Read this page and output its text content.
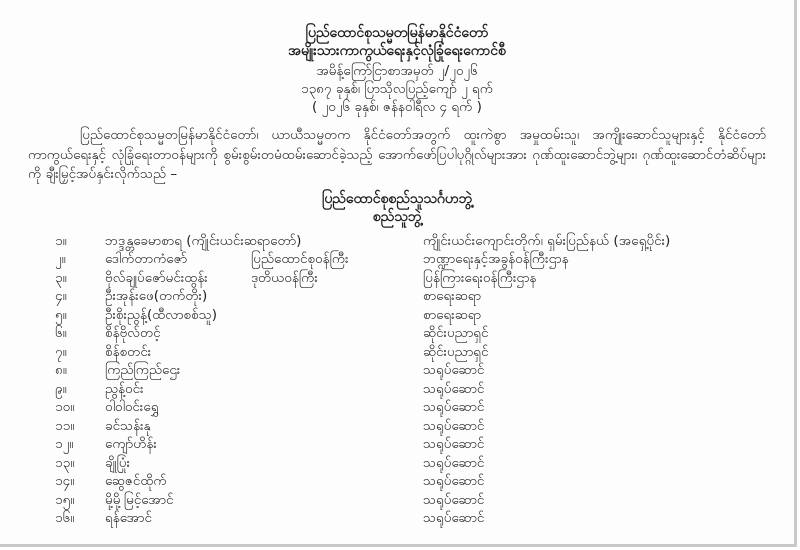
ပြည်ထောင်စုသမ္မတမြန်မာနိုင်ငံတော်
အမျိုးသားကာကွယ်ရေးနှင့်လုံခြုံရေးကောင်စီ
အမိန့်ကြော်ငြာစာအမှတ် ၂/၂၀၂၆
၁၃၈၇ ခုနှစ်၊ ပြာသိုလပြည့်ကျော် ၂ ရက်
( ၂၀၂၆ ခုနှစ်၊ ဇန်နဝါရီလ ၄ ရက် )
ပြည်ထောင်စုသမ္မတမြန်မာနိုင်ငံတော်၊ ယာယီသမ္မတက နိုင်ငံတော်အတွက် ထူးကဲစွာ အမှုထမ်းသူ၊ အကျိုးဆောင်သူများနှင့် နိုင်ငံတော်ကာကွယ်ရေးနှင့် လုံခြုံရေးတာဝန်များကို စွမ်းစွမ်းတမံထမ်းဆောင်ခဲ့သည့် အောက်ဖော်ပြပါပုဂ္ဂိုလ်များအား ဂုဏ်ထူးဆောင်ဘွဲ့များ၊ ဂုဏ်ထူးဆောင်တံဆိပ်များကို ချီးမြှင့်အပ်နှင်းလိုက်သည် –
ပြည်ထောင်စုစည်သူသင်္ဂဟဘွဲ့
စည်သူဘွဲ့
၁။	ဘဒ္ဒန္တခေမာစာရ (ကျိုင်းယင်းဆရာတော်)	ကျိုင်းယင်းကျောင်းတိုက်၊ ရှမ်းပြည်နယ် (အရှေ့ပိုင်း)
၂။	ဒေါက်တာကံဇော်	ပြည်ထောင်စုဝန်ကြီး	ဘဏ္ဍာရေးနှင့်အခွန်ဝန်ကြီးဌာန
၃။	ဗိုလ်ချုပ်ဇော်မင်းထွန်း	ဒုတိယဝန်ကြီး	ပြန်ကြားရေးဝန်ကြီးဌာန
၄။	ဦးအုန်းဖေ(တက်တိုး)	စာရေးဆရာ
၅။	ဦးစိုးညွန့်(ထီလာစစ်သူ)	စာရေးဆရာ
၆။	စိန်ဗိုလ်တင့်	ဆိုင်းပညာရှင်
၇။	စိန်စတင်း	ဆိုင်းပညာရှင်
၈။	ကြည်ကြည်ဌေး	သရုပ်ဆောင်
၉။	ညွန့်ဝင်း	သရုပ်ဆောင်
၁၀။	ဝါဝါဝင်းရွှေ	သရုပ်ဆောင်
၁၁။	ခင်သန်းနု	သရုပ်ဆောင်
၁၂။	ကျော်ဟိန်း	သရုပ်ဆောင်
၁၃။	ချိုပြုံး	သရုပ်ဆောင်
၁၄။	ဆွေဇင်ထိုက်	သရုပ်ဆောင်
၁၅။	မို့မို့မြင့်အောင်	သရုပ်ဆောင်
၁၆။	ရန်အောင်	သရုပ်ဆောင်
